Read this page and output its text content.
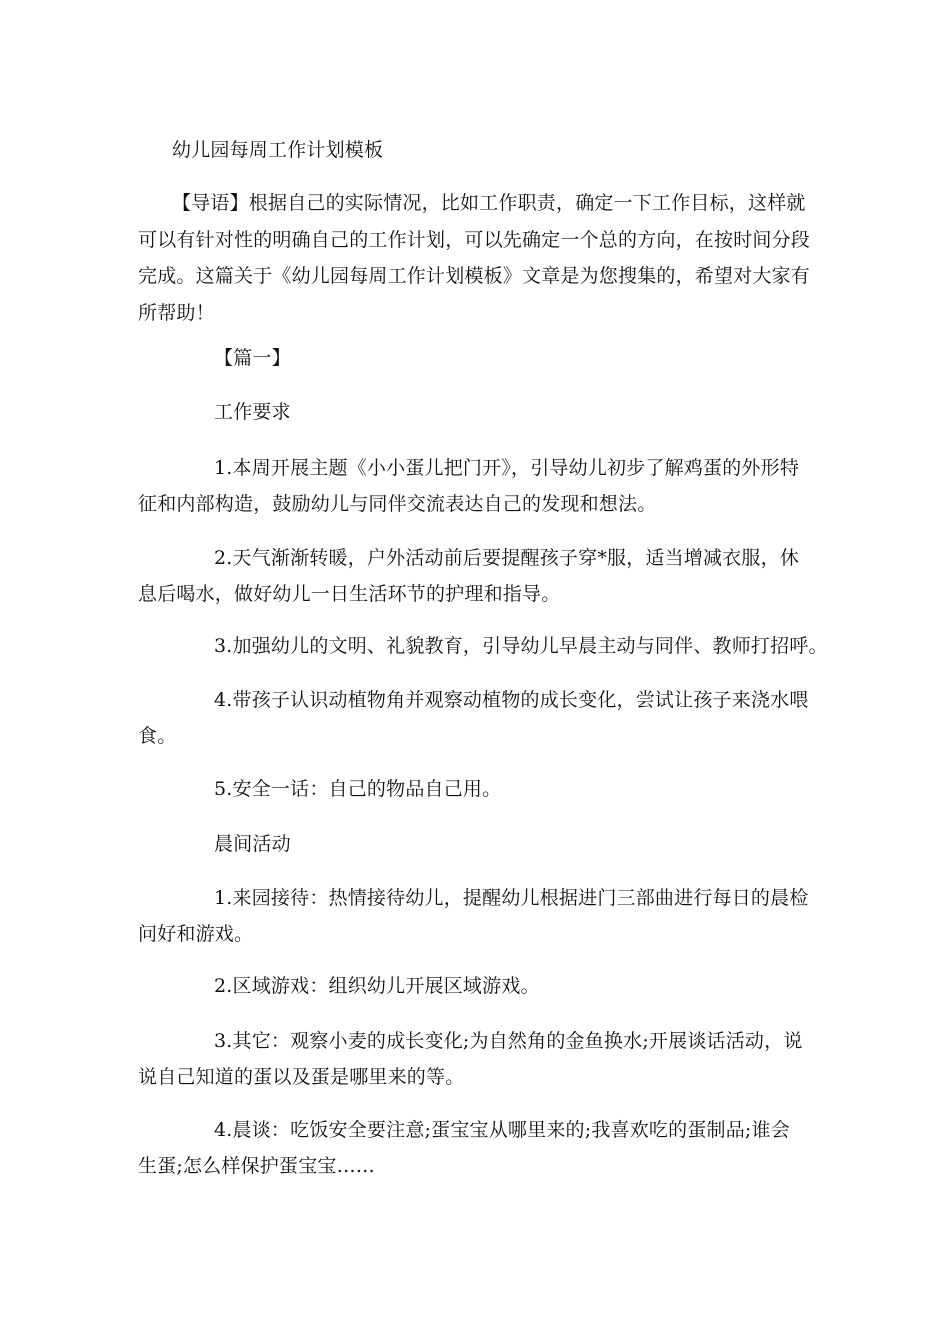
幼儿园每周工作计划模板
【导语】根据自己的实际情况，比如工作职责，确定一下工作目标，这样就
可以有针对性的明确自己的工作计划，可以先确定一个总的方向，在按时间分段
完成。这篇关于《幼儿园每周工作计划模板》文章是为您搜集的，希望对大家有
所帮助！
【篇一】
工作要求
1.本周开展主题《小小蛋儿把门开》，引导幼儿初步了解鸡蛋的外形特
征和内部构造，鼓励幼儿与同伴交流表达自己的发现和想法。
2.天气渐渐转暖，户外活动前后要提醒孩子穿*服，适当增减衣服，休
息后喝水，做好幼儿一日生活环节的护理和指导。
3.加强幼儿的文明、礼貌教育，引导幼儿早晨主动与同伴、教师打招呼。
4.带孩子认识动植物角并观察动植物的成长变化，尝试让孩子来浇水喂
食。
5.安全一话：自己的物品自己用。
晨间活动
1.来园接待：热情接待幼儿，提醒幼儿根据进门三部曲进行每日的晨检
问好和游戏。
2.区域游戏：组织幼儿开展区域游戏。
3.其它：观察小麦的成长变化;为自然角的金鱼换水;开展谈话活动，说
说自己知道的蛋以及蛋是哪里来的等。
4.晨谈：吃饭安全要注意;蛋宝宝从哪里来的;我喜欢吃的蛋制品;谁会
生蛋;怎么样保护蛋宝宝……
